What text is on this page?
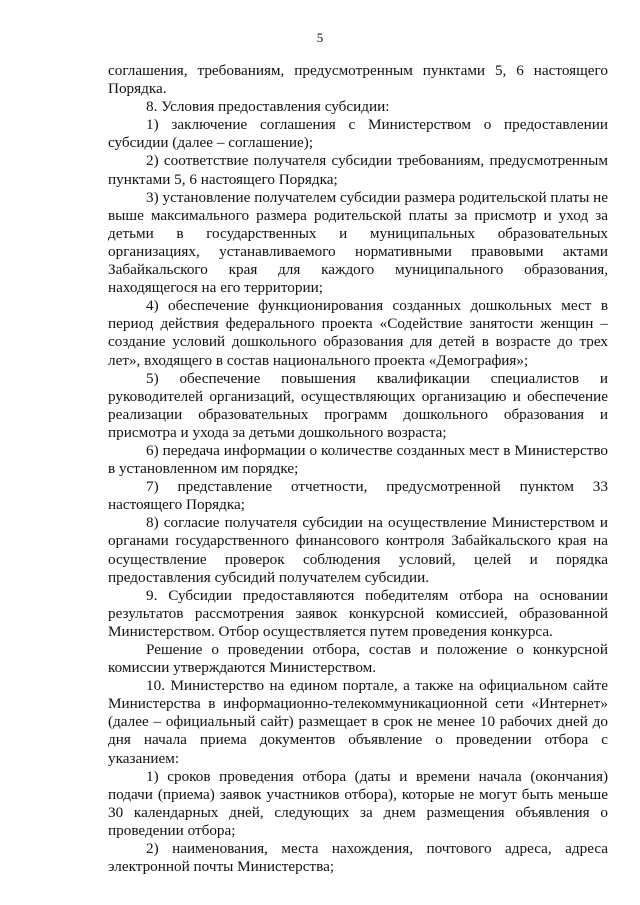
5

соглашения, требованиям, предусмотренным пунктами 5, 6 настоящего Порядка.

8. Условия предоставления субсидии:

1) заключение соглашения с Министерством о предоставлении субсидии (далее – соглашение);

2) соответствие получателя субсидии требованиям, предусмотренным пунктами 5, 6 настоящего Порядка;

3) установление получателем субсидии размера родительской платы не выше максимального размера родительской платы за присмотр и уход за детьми в государственных и муниципальных образовательных организациях, устанавливаемого нормативными правовыми актами Забайкальского края для каждого муниципального образования, находящегося на его территории;

4) обеспечение функционирования созданных дошкольных мест в период действия федерального проекта «Содействие занятости женщин – создание условий дошкольного образования для детей в возрасте до трех лет», входящего в состав национального проекта «Демография»;

5) обеспечение повышения квалификации специалистов и руководителей организаций, осуществляющих организацию и обеспечение реализации образовательных программ дошкольного образования и присмотра и ухода за детьми дошкольного возраста;

6) передача информации о количестве созданных мест в Министерство в установленном им порядке;

7) представление отчетности, предусмотренной пунктом 33 настоящего Порядка;

8) согласие получателя субсидии на осуществление Министерством и органами государственного финансового контроля Забайкальского края на осуществление проверок соблюдения условий, целей и порядка предоставления субсидий получателем субсидии.

9. Субсидии предоставляются победителям отбора на основании результатов рассмотрения заявок конкурсной комиссией, образованной Министерством. Отбор осуществляется путем проведения конкурса.

Решение о проведении отбора, состав и положение о конкурсной комиссии утверждаются Министерством.

10. Министерство на едином портале, а также на официальном сайте Министерства в информационно-телекоммуникационной сети «Интернет» (далее – официальный сайт) размещает в срок не менее 10 рабочих дней до дня начала приема документов объявление о проведении отбора с указанием:

1) сроков проведения отбора (даты и времени начала (окончания) подачи (приема) заявок участников отбора), которые не могут быть меньше 30 календарных дней, следующих за днем размещения объявления о проведении отбора;

2) наименования, места нахождения, почтового адреса, адреса электронной почты Министерства;
